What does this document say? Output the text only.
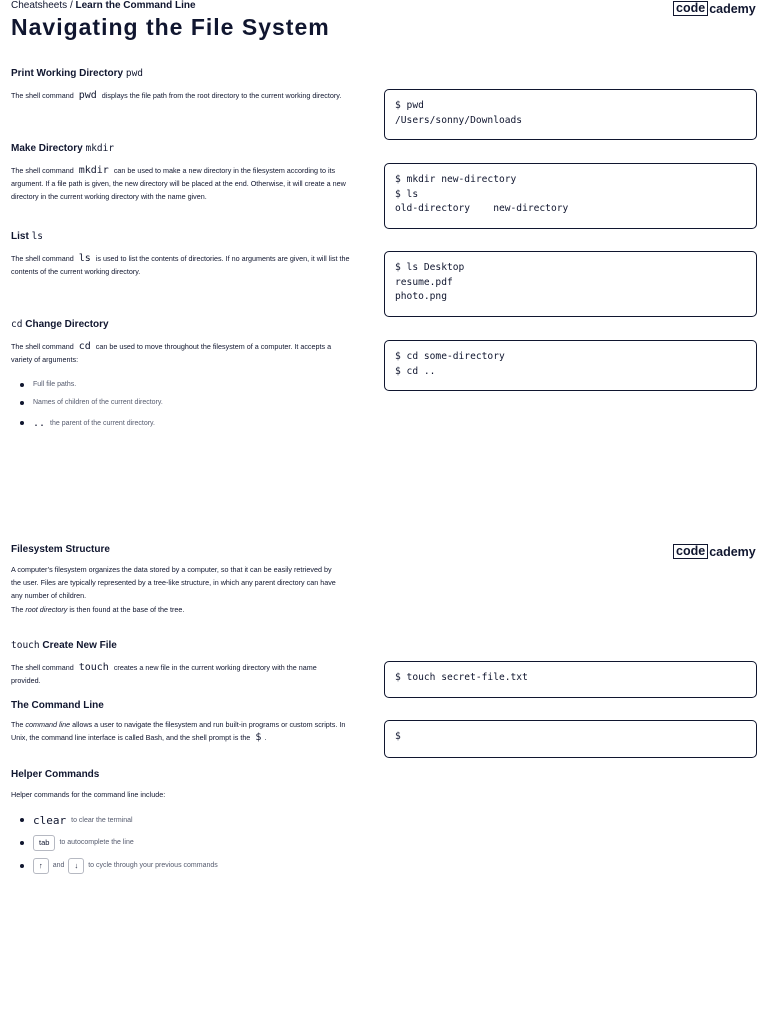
Cheatsheets / Learn the Command Line	code cademy
Navigating the File System
Print Working Directory pwd
The shell command pwd displays the ﬁle path from the root directory to the current working directory.
$ pwd
/Users/sonny/Downloads
Make Directory mkdir
The shell command mkdir can be used to make a new directory in the ﬁlesystem according to its argument. If a ﬁle path is given, the new directory will be placed at the end. Otherwise, it will create a new directory in the current working directory with the name given.
$ mkdir new-directory
$ ls
old-directory    new-directory
List ls
The shell command ls is used to list the contents of directories. If no arguments are given, it will list the contents of the current working directory.	$ ls Desktop
resume.pdf
photo.png
cd Change Directory
The shell command cd can be used to move throughout the ﬁlesystem of a computer. It accepts a variety of arguments:
Full ﬁle paths.
Names of children of the current directory.
.. the parent of the current directory.
$ cd some-directory
$ cd ..
code cademy
Filesystem Structure
A computer’s ﬁlesystem organizes the data stored by a computer, so that it can be easily retrieved by the user. Files are typically represented by a tree-like structure, in which any parent directory can have any number of children.
The root directory is then found at the base of the tree.
touch Create New File
The shell command touch creates a new ﬁle in the current working directory with the name provided.	$ touch secret-file.txt
The Command Line
The command line allows a user to navigate the ﬁlesystem and run built-in programs or custom scripts. In Unix, the command line interface is called Bash, and the shell prompt is the $ .	$
Helper Commands
Helper commands for the command line include:
clear to clear the terminal
tab	to autocomplete the line
↑	and	↓	to cycle through your previous commands
